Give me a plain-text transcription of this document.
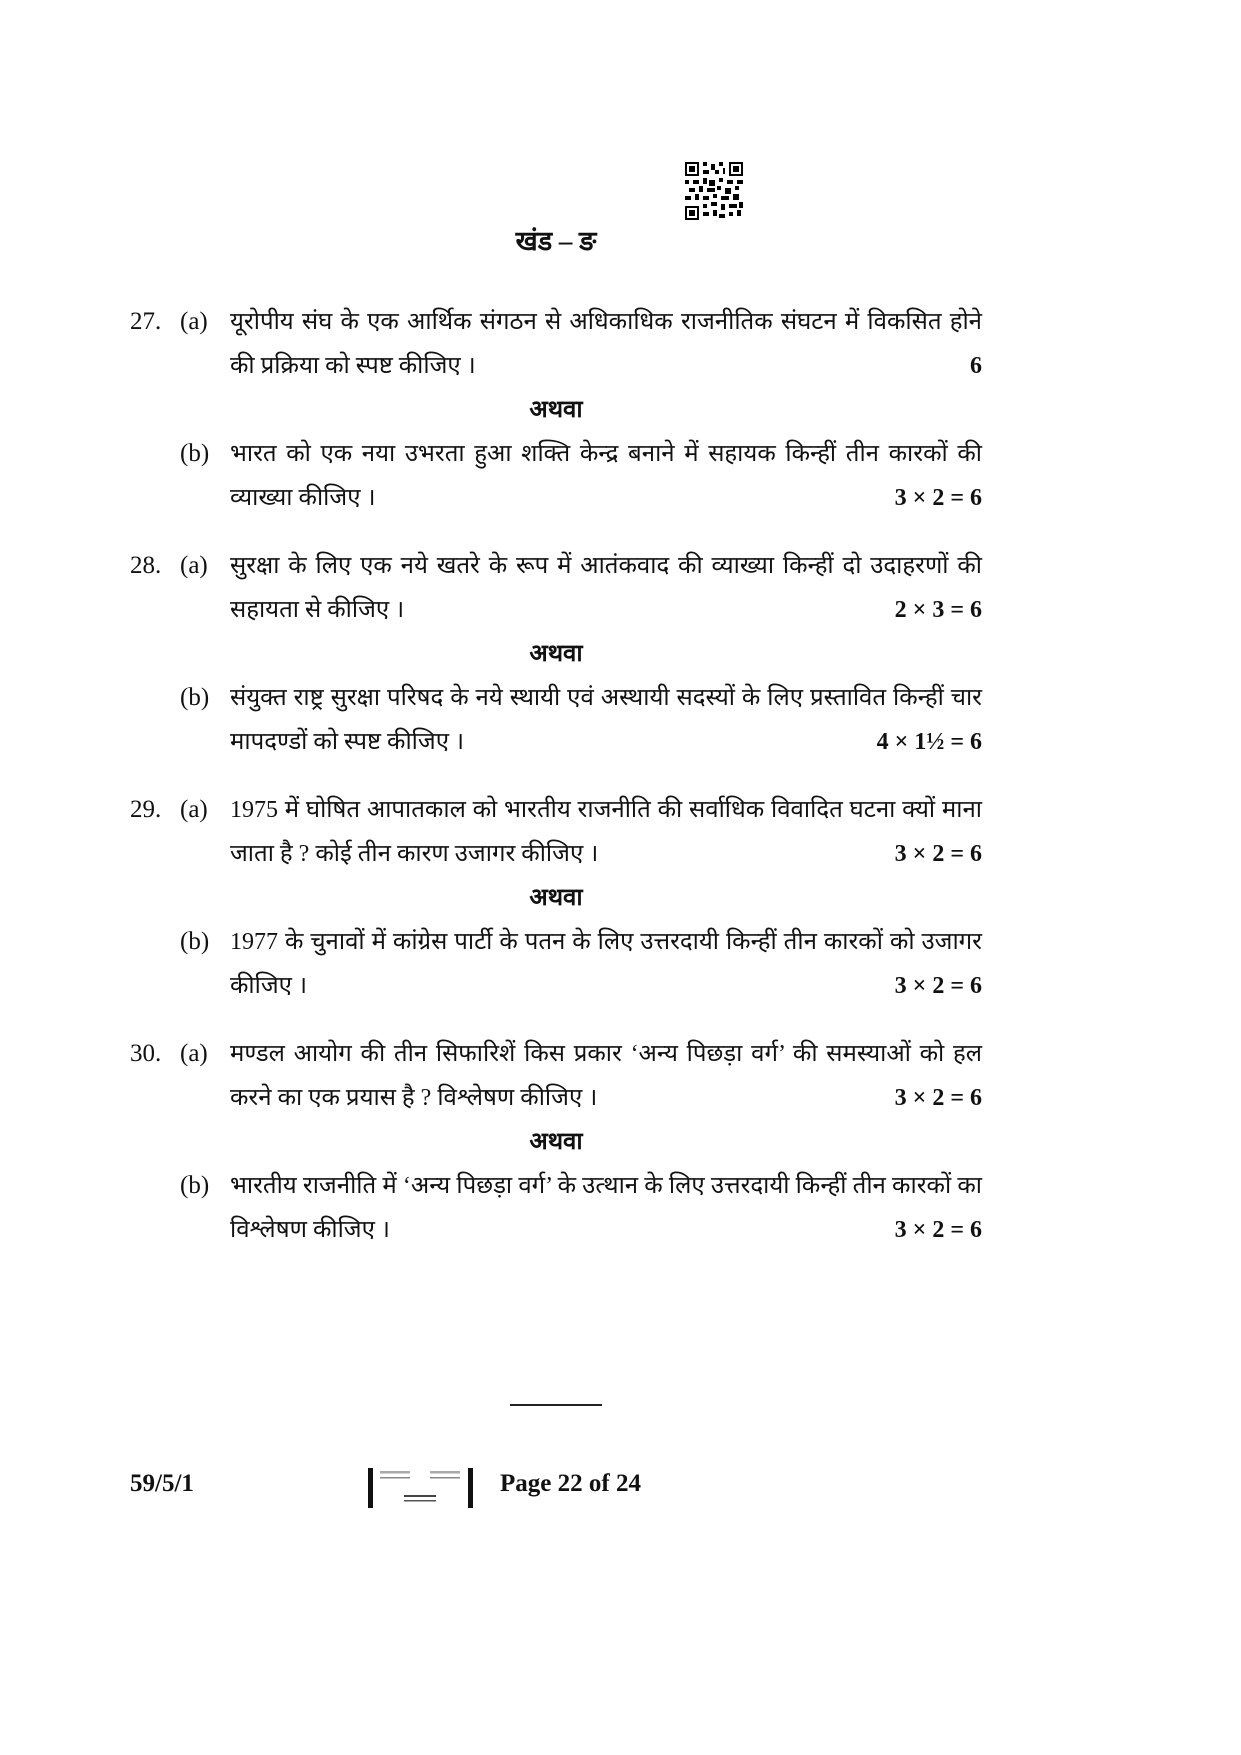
खंड – ङ
27. (a) यूरोपीय संघ के एक आर्थिक संगठन से अधिकाधिक राजनीतिक संघटन में विकसित होने की प्रक्रिया को स्पष्ट कीजिए ।	6
अथवा
(b) भारत को एक नया उभरता हुआ शक्ति केन्द्र बनाने में सहायक किन्हीं तीन कारकों की व्याख्या कीजिए ।	3 × 2 = 6
28. (a) सुरक्षा के लिए एक नये खतरे के रूप में आतंकवाद की व्याख्या किन्हीं दो उदाहरणों की सहायता से कीजिए ।	2 × 3 = 6
अथवा
(b) संयुक्त राष्ट्र सुरक्षा परिषद के नये स्थायी एवं अस्थायी सदस्यों के लिए प्रस्तावित किन्हीं चार मापदण्डों को स्पष्ट कीजिए ।	4 × 1½ = 6
29. (a) 1975 में घोषित आपातकाल को भारतीय राजनीति की सर्वाधिक विवादित घटना क्यों माना जाता है ? कोई तीन कारण उजागर कीजिए ।	3 × 2 = 6
अथवा
(b) 1977 के चुनावों में कांग्रेस पार्टी के पतन के लिए उत्तरदायी किन्हीं तीन कारकों को उजागर कीजिए ।	3 × 2 = 6
30. (a) मण्डल आयोग की तीन सिफारिशें किस प्रकार ‘अन्य पिछड़ा वर्ग’ की समस्याओं को हल करने का एक प्रयास है ? विश्लेषण कीजिए ।	3 × 2 = 6
अथवा
(b) भारतीय राजनीति में ‘अन्य पिछड़ा वर्ग’ के उत्थान के लिए उत्तरदायी किन्हीं तीन कारकों का विश्लेषण कीजिए ।	3 × 2 = 6
59/5/1	Page 22 of 24
